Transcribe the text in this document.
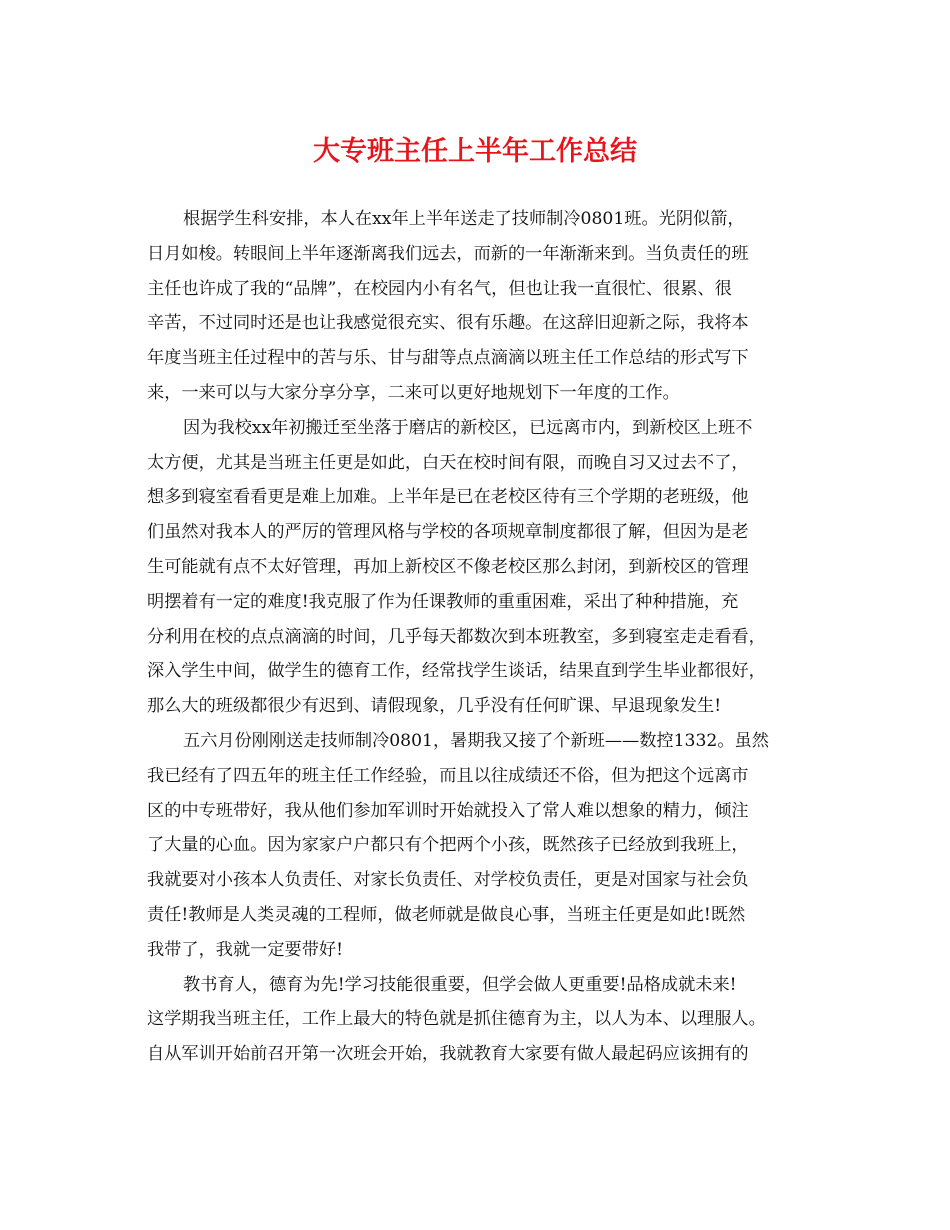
大专班主任上半年工作总结
根据学生科安排，本人在xx年上半年送走了技师制冷0801班。光阴似箭，
日月如梭。转眼间上半年逐渐离我们远去，而新的一年渐渐来到。当负责任的班
主任也许成了我的“品牌”，在校园内小有名气，但也让我一直很忙、很累、很
辛苦，不过同时还是也让我感觉很充实、很有乐趣。在这辞旧迎新之际，我将本
年度当班主任过程中的苦与乐、甘与甜等点点滴滴以班主任工作总结的形式写下
来，一来可以与大家分享分享，二来可以更好地规划下一年度的工作。
因为我校xx年初搬迁至坐落于磨店的新校区，已远离市内，到新校区上班不
太方便，尤其是当班主任更是如此，白天在校时间有限，而晚自习又过去不了，
想多到寝室看看更是难上加难。上半年是已在老校区待有三个学期的老班级，他
们虽然对我本人的严厉的管理风格与学校的各项规章制度都很了解，但因为是老
生可能就有点不太好管理，再加上新校区不像老校区那么封闭，到新校区的管理
明摆着有一定的难度!我克服了作为任课教师的重重困难，采出了种种措施，充
分利用在校的点点滴滴的时间，几乎每天都数次到本班教室，多到寝室走走看看，
深入学生中间，做学生的德育工作，经常找学生谈话，结果直到学生毕业都很好，
那么大的班级都很少有迟到、请假现象，几乎没有任何旷课、早退现象发生!
五六月份刚刚送走技师制冷0801，暑期我又接了个新班——数控1332。虽然
我已经有了四五年的班主任工作经验，而且以往成绩还不俗，但为把这个远离市
区的中专班带好，我从他们参加军训时开始就投入了常人难以想象的精力，倾注
了大量的心血。因为家家户户都只有个把两个小孩，既然孩子已经放到我班上，
我就要对小孩本人负责任、对家长负责任、对学校负责任，更是对国家与社会负
责任!教师是人类灵魂的工程师，做老师就是做良心事，当班主任更是如此!既然
我带了，我就一定要带好!
教书育人，德育为先!学习技能很重要，但学会做人更重要!品格成就未来!
这学期我当班主任，工作上最大的特色就是抓住德育为主，以人为本、以理服人。
自从军训开始前召开第一次班会开始，我就教育大家要有做人最起码应该拥有的
